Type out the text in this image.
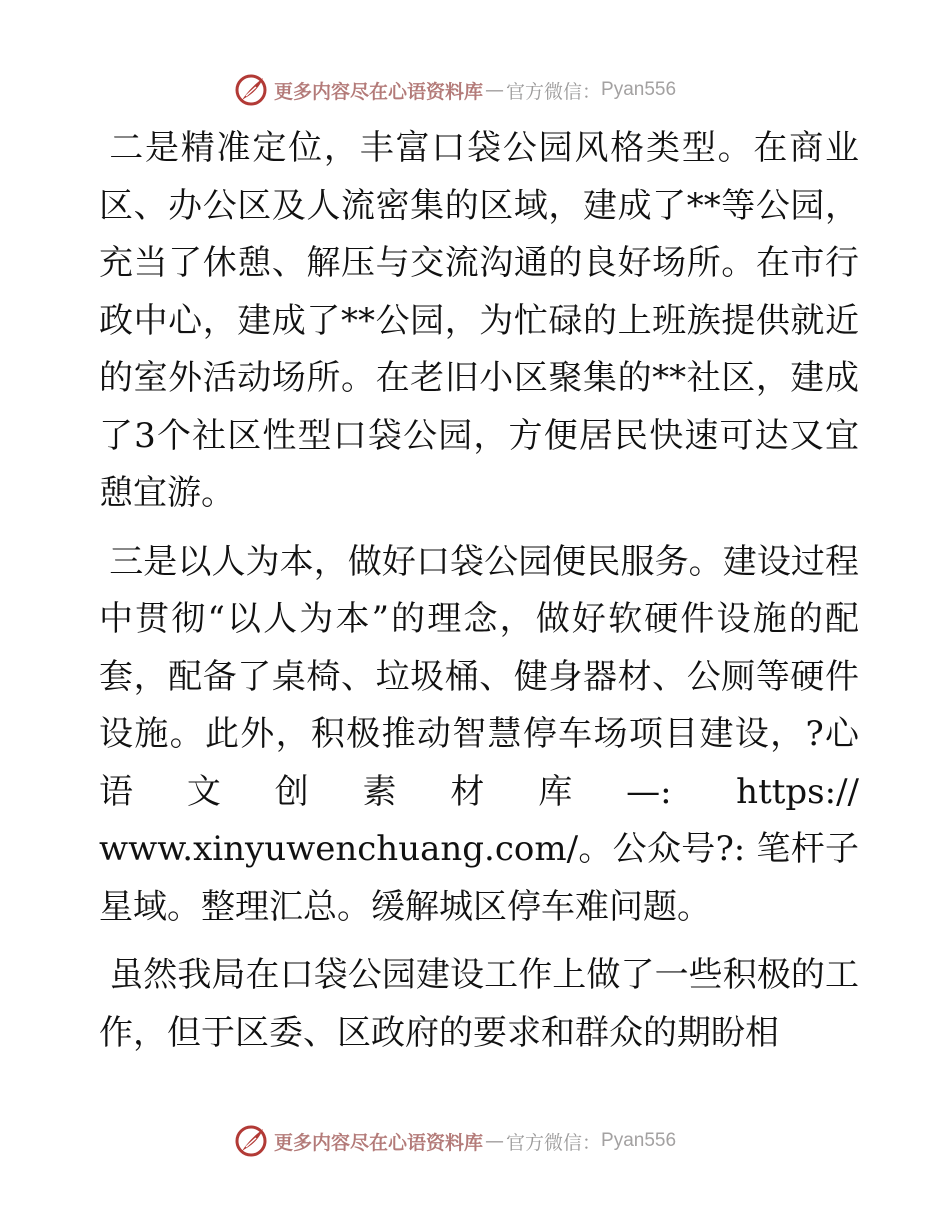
更多内容尽在心语资料库 — 官方微信： Pyan556

二是精准定位，丰富口袋公园风格类型。在商业区、办公区及人流密集的区域，建成了**等公园，充当了休憩、解压与交流沟通的良好场所。在市行政中心，建成了**公园，为忙碌的上班族提供就近的室外活动场所。在老旧小区聚集的**社区，建成了3个社区性型口袋公园，方便居民快速可达又宜憩宜游。

三是以人为本，做好口袋公园便民服务。建设过程中贯彻“以人为本”的理念，做好软硬件设施的配套，配备了桌椅、垃圾桶、健身器材、公厕等硬件设施。此外，积极推动智慧停车场项目建设，?心语文创素材库—: https:// www.xinyuwenchuang.com/。公众号?: 笔杆子星域。整理汇总。缓解城区停车难问题。

虽然我局在口袋公园建设工作上做了一些积极的工作，但于区委、区政府的要求和群众的期盼相

更多内容尽在心语资料库 — 官方微信： Pyan556
